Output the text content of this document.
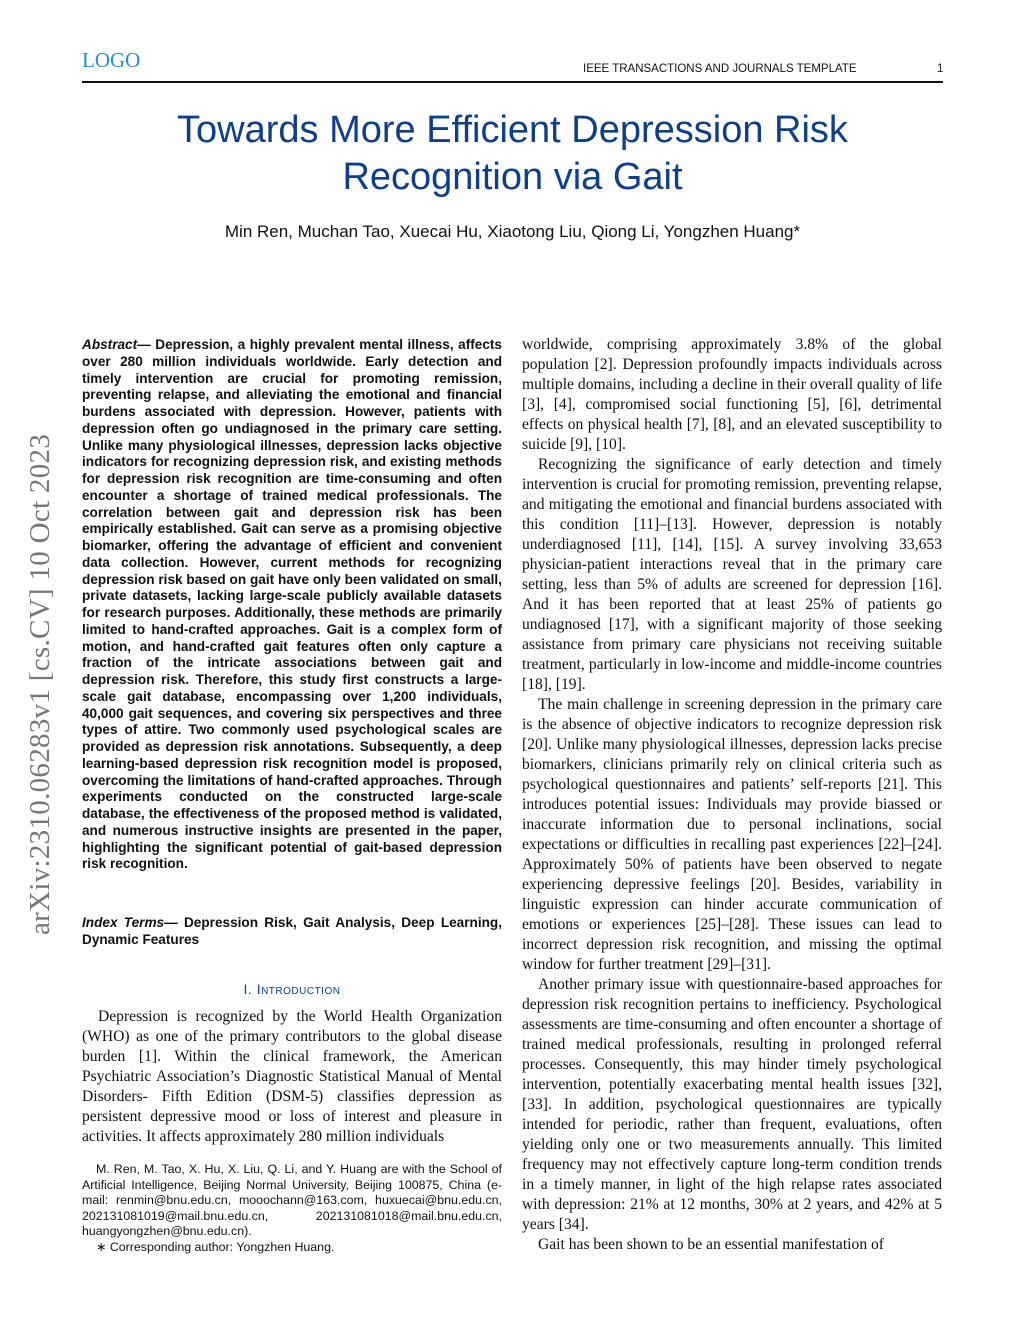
LOGO	IEEE TRANSACTIONS AND JOURNALS TEMPLATE	1
Towards More Efficient Depression Risk Recognition via Gait
Min Ren, Muchan Tao, Xuecai Hu, Xiaotong Liu, Qiong Li, Yongzhen Huang*
arXiv:2310.06283v1 [cs.CV] 10 Oct 2023
Abstract— Depression, a highly prevalent mental illness, affects over 280 million individuals worldwide. Early detection and timely intervention are crucial for promoting remission, preventing relapse, and alleviating the emotional and financial burdens associated with depression. However, patients with depression often go undiagnosed in the primary care setting. Unlike many physiological illnesses, depression lacks objective indicators for recognizing depression risk, and existing methods for depression risk recognition are time-consuming and often encounter a shortage of trained medical professionals. The correlation between gait and depression risk has been empirically established. Gait can serve as a promising objective biomarker, offering the advantage of efficient and convenient data collection. However, current methods for recognizing depression risk based on gait have only been validated on small, private datasets, lacking large-scale publicly available datasets for research purposes. Additionally, these methods are primarily limited to hand-crafted approaches. Gait is a complex form of motion, and hand-crafted gait features often only capture a fraction of the intricate associations between gait and depression risk. Therefore, this study first constructs a large-scale gait database, encompassing over 1,200 individuals, 40,000 gait sequences, and covering six perspectives and three types of attire. Two commonly used psychological scales are provided as depression risk annotations. Subsequently, a deep learning-based depression risk recognition model is proposed, overcoming the limitations of hand-crafted approaches. Through experiments conducted on the constructed large-scale database, the effectiveness of the proposed method is validated, and numerous instructive insights are presented in the paper, highlighting the significant potential of gait-based depression risk recognition.
Index Terms— Depression Risk, Gait Analysis, Deep Learning, Dynamic Features
I. Introduction

Depression is recognized by the World Health Organization (WHO) as one of the primary contributors to the global disease burden [1]. Within the clinical framework, the American Psychiatric Association’s Diagnostic Statistical Manual of Mental Disorders- Fifth Edition (DSM-5) classifies depression as persistent depressive mood or loss of interest and pleasure in activities. It affects approximately 280 million individuals

M. Ren, M. Tao, X. Hu, X. Liu, Q. Li, and Y. Huang are with the School of Artificial Intelligence, Beijing Normal University, Beijing 100875, China (e-mail: renmin@bnu.edu.cn, mooochann@163.com, huxuecai@bnu.edu.cn, 202131081019@mail.bnu.edu.cn, 202131081018@mail.bnu.edu.cn, huangyongzhen@bnu.edu.cn).

∗ Corresponding author: Yongzhen Huang.

worldwide, comprising approximately 3.8% of the global population [2]. Depression profoundly impacts individuals across multiple domains, including a decline in their overall quality of life [3], [4], compromised social functioning [5], [6], detrimental effects on physical health [7], [8], and an elevated susceptibility to suicide [9], [10].

Recognizing the significance of early detection and timely intervention is crucial for promoting remission, preventing relapse, and mitigating the emotional and financial burdens associated with this condition [11]–[13]. However, depression is notably underdiagnosed [11], [14], [15]. A survey involving 33,653 physician-patient interactions reveal that in the primary care setting, less than 5% of adults are screened for depression [16]. And it has been reported that at least 25% of patients go undiagnosed [17], with a significant majority of those seeking assistance from primary care physicians not receiving suitable treatment, particularly in low-income and middle-income countries [18], [19].

The main challenge in screening depression in the primary care is the absence of objective indicators to recognize depression risk [20]. Unlike many physiological illnesses, depression lacks precise biomarkers, clinicians primarily rely on clinical criteria such as psychological questionnaires and patients’ self-reports [21]. This introduces potential issues: Individuals may provide biassed or inaccurate information due to personal inclinations, social expectations or difficulties in recalling past experiences [22]–[24]. Approximately 50% of patients have been observed to negate experiencing depressive feelings [20]. Besides, variability in linguistic expression can hinder accurate communication of emotions or experiences [25]–[28]. These issues can lead to incorrect depression risk recognition, and missing the optimal window for further treatment [29]–[31].

Another primary issue with questionnaire-based approaches for depression risk recognition pertains to inefficiency. Psychological assessments are time-consuming and often encounter a shortage of trained medical professionals, resulting in prolonged referral processes. Consequently, this may hinder timely psychological intervention, potentially exacerbating mental health issues [32], [33]. In addition, psychological questionnaires are typically intended for periodic, rather than frequent, evaluations, often yielding only one or two measurements annually. This limited frequency may not effectively capture long-term condition trends in a timely manner, in light of the high relapse rates associated with depression: 21% at 12 months, 30% at 2 years, and 42% at 5 years [34].

Gait has been shown to be an essential manifestation of
